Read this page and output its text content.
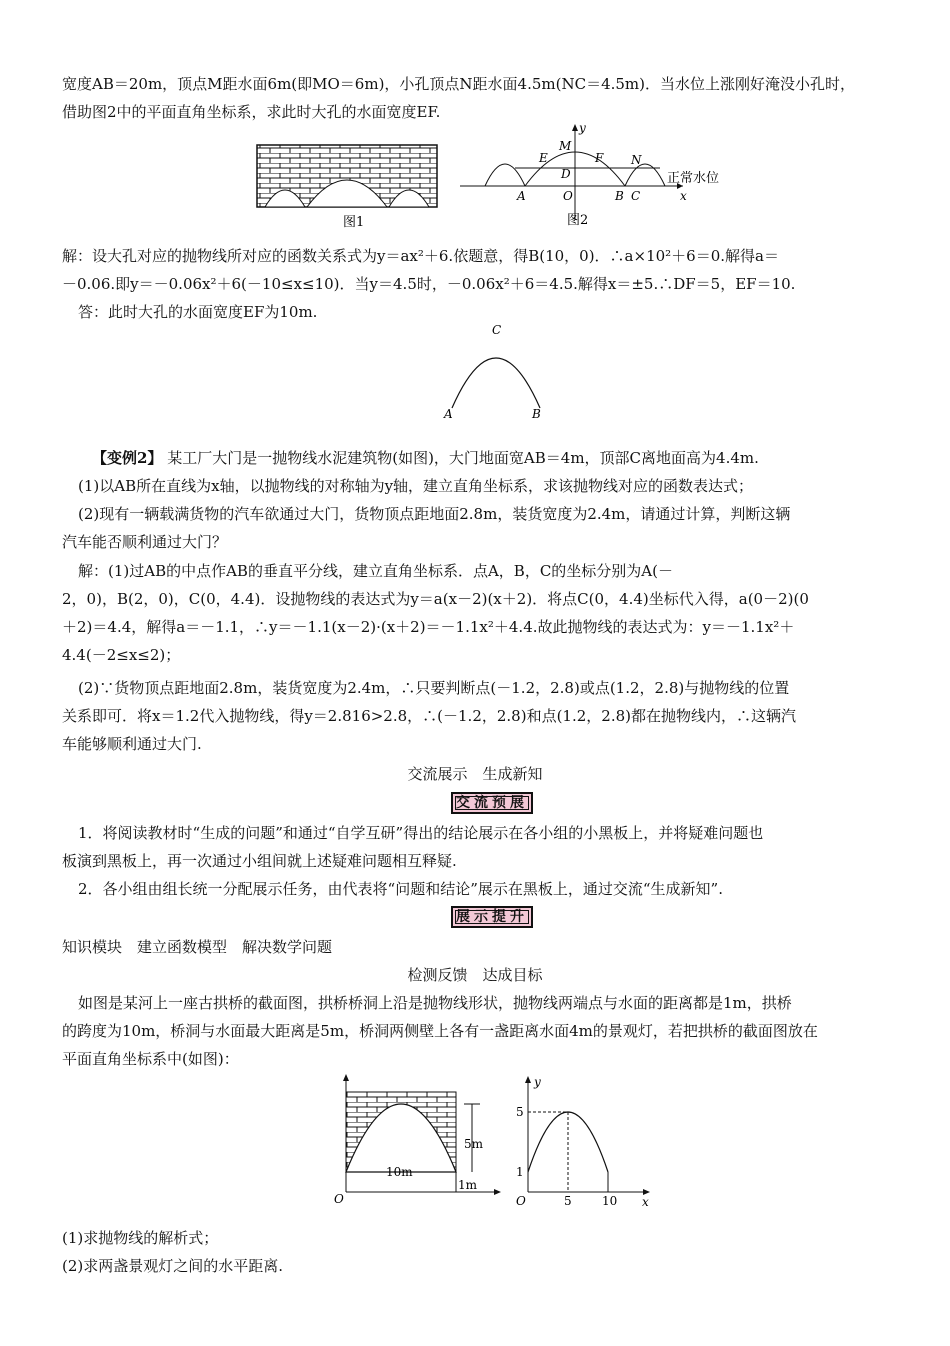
宽度AB＝20m，顶点M距水面6m(即MO＝6m)，小孔顶点N距水面4.5m(NC＝4.5m)．当水位上涨刚好淹没小孔时，
借助图2中的平面直角坐标系，求此时大孔的水面宽度EF.
图1
y
x
M
E	F N
D
A	O	B C
正常水位
图2
解：设大孔对应的抛物线所对应的函数关系式为y＝ax²＋6.依题意，得B(10，0)．∴a×10²＋6＝0.解得a＝
－0.06.即y＝－0.06x²＋6(－10≤x≤10)．当y＝4.5时，－0.06x²＋6＝4.5.解得x＝±5.∴DF＝5，EF＝10.
答：此时大孔的水面宽度EF为10m.
C
A	B
【变例2】 某工厂大门是一抛物线水泥建筑物(如图)，大门地面宽AB＝4m，顶部C离地面高为4.4m.
(1)以AB所在直线为x轴，以抛物线的对称轴为y轴，建立直角坐标系，求该抛物线对应的函数表达式；
(2)现有一辆载满货物的汽车欲通过大门，货物顶点距地面2.8m，装货宽度为2.4m，请通过计算，判断这辆
汽车能否顺利通过大门？
解：(1)过AB的中点作AB的垂直平分线，建立直角坐标系．点A，B，C的坐标分别为A(－
2，0)，B(2，0)，C(0，4.4)．设抛物线的表达式为y＝a(x－2)(x＋2)．将点C(0，4.4)坐标代入得，a(0－2)(0
＋2)＝4.4，解得a＝－1.1，∴y＝－1.1(x－2)·(x＋2)＝－1.1x²＋4.4.故此抛物线的表达式为：y＝－1.1x²＋
4.4(－2≤x≤2)；
(2)∵货物顶点距地面2.8m，装货宽度为2.4m，∴只要判断点(－1.2，2.8)或点(1.2，2.8)与抛物线的位置
关系即可．将x＝1.2代入抛物线，得y＝2.816>2.8，∴(－1.2，2.8)和点(1.2，2.8)都在抛物线内，∴这辆汽
车能够顺利通过大门.
交流展示　生成新知
交流预展
1．将阅读教材时“生成的问题”和通过“自学互研”得出的结论展示在各小组的小黑板上，并将疑难问题也
板演到黑板上，再一次通过小组间就上述疑难问题相互释疑.
2．各小组由组长统一分配展示任务，由代表将“问题和结论”展示在黑板上，通过交流“生成新知”.
展示提升
知识模块　建立函数模型　解决数学问题
检测反馈　达成目标
如图是某河上一座古拱桥的截面图，拱桥桥洞上沿是抛物线形状，抛物线两端点与水面的距离都是1m，拱桥
的跨度为10m，桥洞与水面最大距离是5m，桥洞两侧壁上各有一盏距离水面4m的景观灯，若把拱桥的截面图放在
平面直角坐标系中(如图)：
5m
10m
1m
O
y
x
5
1
O	5	10
(1)求抛物线的解析式；
(2)求两盏景观灯之间的水平距离.
